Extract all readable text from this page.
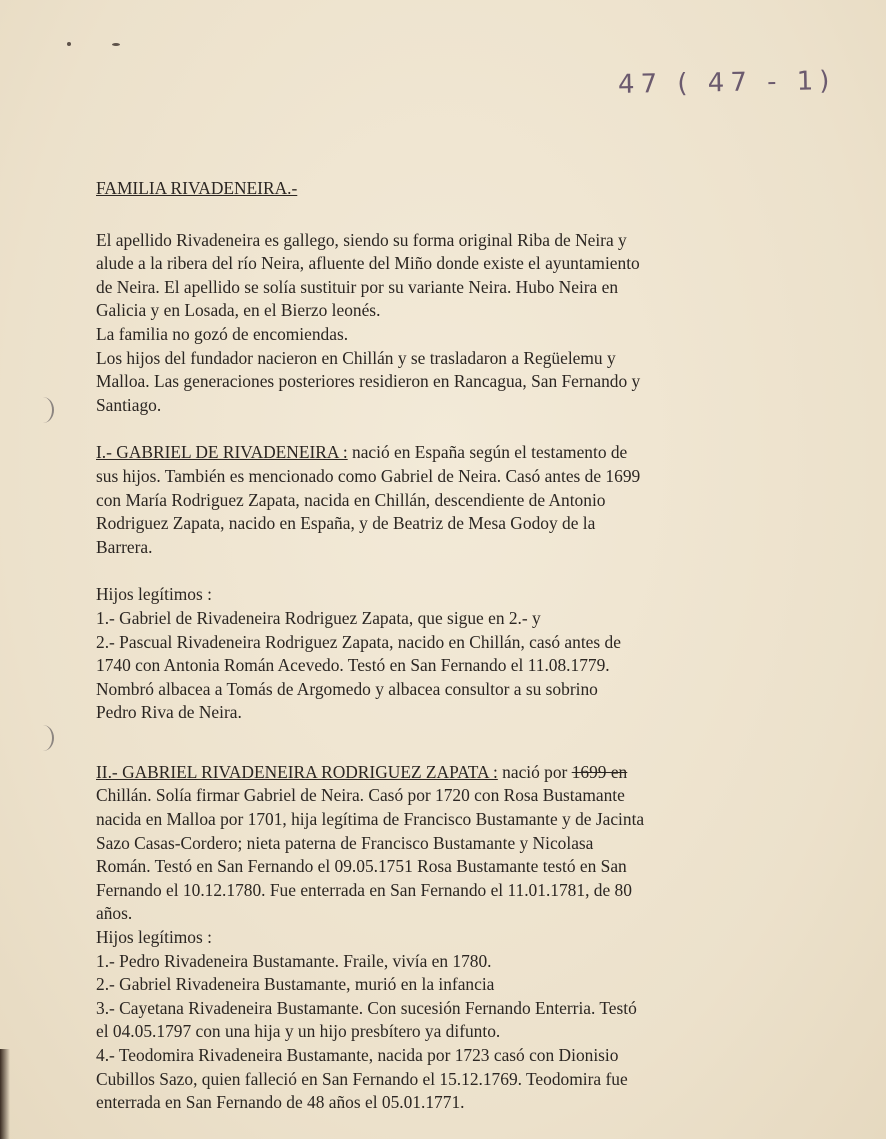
47 ( 47 - 1)

FAMILIA RIVADENEIRA.-

El apellido Rivadeneira es gallego, siendo su forma original Riba de Neira y

alude a la ribera del río Neira, afluente del Miño donde existe el ayuntamiento

de Neira. El apellido se solía sustituir por su variante Neira. Hubo Neira en

Galicia y en Losada, en el Bierzo leonés.

La familia no gozó de encomiendas.

Los hijos del fundador nacieron en Chillán y se trasladaron a Regüelemu y

Malloa. Las generaciones posteriores residieron en Rancagua, San Fernando y

Santiago.

I.- GABRIEL DE RIVADENEIRA : nació en España según el testamento de

sus hijos. También es mencionado como Gabriel de Neira. Casó antes de 1699

con María Rodriguez Zapata, nacida en Chillán, descendiente de Antonio

Rodriguez Zapata, nacido en España, y de Beatriz de Mesa Godoy de la

Barrera.

Hijos legítimos :

1.- Gabriel de Rivadeneira Rodriguez Zapata, que sigue en 2.- y

2.- Pascual Rivadeneira Rodriguez Zapata, nacido en Chillán, casó antes de

1740 con Antonia Román Acevedo. Testó en San Fernando el 11.08.1779.

Nombró albacea a Tomás de Argomedo y albacea consultor a su sobrino

Pedro Riva de Neira.

II.- GABRIEL RIVADENEIRA RODRIGUEZ ZAPATA : nació por 1699 en

Chillán. Solía firmar Gabriel de Neira. Casó por 1720 con Rosa Bustamante

nacida en Malloa por 1701, hija legítima de Francisco Bustamante y de Jacinta

Sazo Casas-Cordero; nieta paterna de Francisco Bustamante y Nicolasa

Román. Testó en San Fernando el 09.05.1751 Rosa Bustamante testó en San

Fernando el 10.12.1780. Fue enterrada en San Fernando el 11.01.1781, de 80

años.

Hijos legítimos :

1.- Pedro Rivadeneira Bustamante. Fraile, vivía en 1780.

2.- Gabriel Rivadeneira Bustamante, murió en la infancia

3.- Cayetana Rivadeneira Bustamante. Con sucesión Fernando Enterria. Testó

el 04.05.1797 con una hija y un hijo presbítero ya difunto.

4.- Teodomira Rivadeneira Bustamante, nacida por 1723 casó con Dionisio

Cubillos Sazo, quien falleció en San Fernando el 15.12.1769. Teodomira fue

enterrada en San Fernando de 48 años el 05.01.1771.
